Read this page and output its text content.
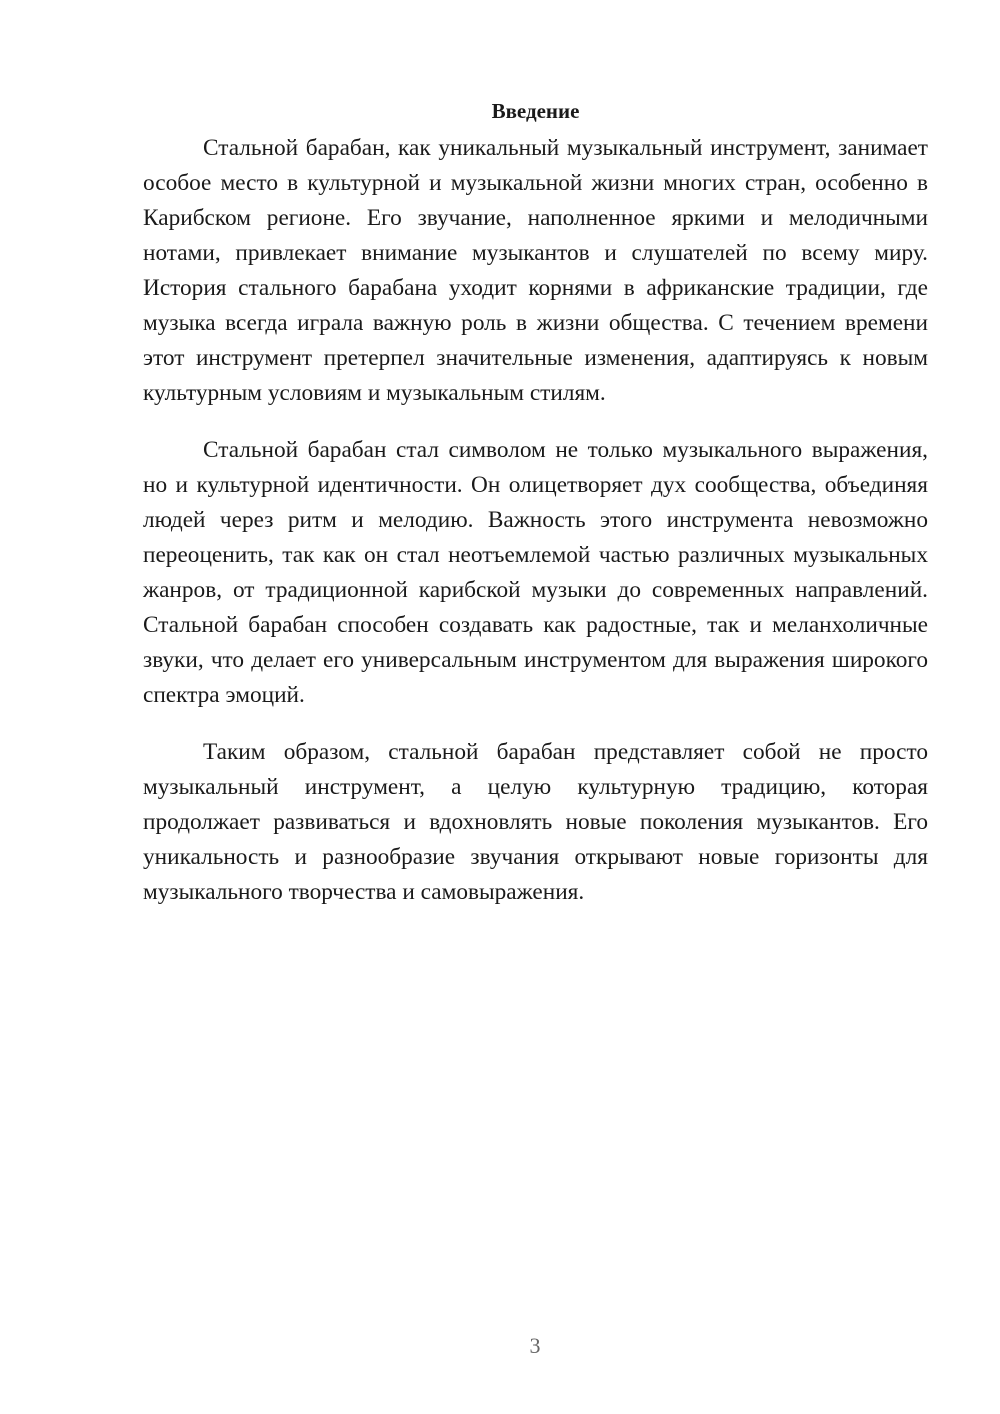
Введение

Стальной барабан, как уникальный музыкальный инструмент, занимает особое место в культурной и музыкальной жизни многих стран, особенно в Карибском регионе. Его звучание, наполненное яркими и мелодичными нотами, привлекает внимание музыкантов и слушателей по всему миру. История стального барабана уходит корнями в африканские традиции, где музыка всегда играла важную роль в жизни общества. С течением времени этот инструмент претерпел значительные изменения, адаптируясь к новым культурным условиям и музыкальным стилям.

Стальной барабан стал символом не только музыкального выражения, но и культурной идентичности. Он олицетворяет дух сообщества, объединяя людей через ритм и мелодию. Важность этого инструмента невозможно переоценить, так как он стал неотъемлемой частью различных музыкальных жанров, от традиционной карибской музыки до современных направлений. Стальной барабан способен создавать как радостные, так и меланхоличные звуки, что делает его универсальным инструментом для выражения широкого спектра эмоций.

Таким образом, стальной барабан представляет собой не просто музыкальный инструмент, а целую культурную традицию, которая продолжает развиваться и вдохновлять новые поколения музыкантов. Его уникальность и разнообразие звучания открывают новые горизонты для музыкального творчества и самовыражения.

3
